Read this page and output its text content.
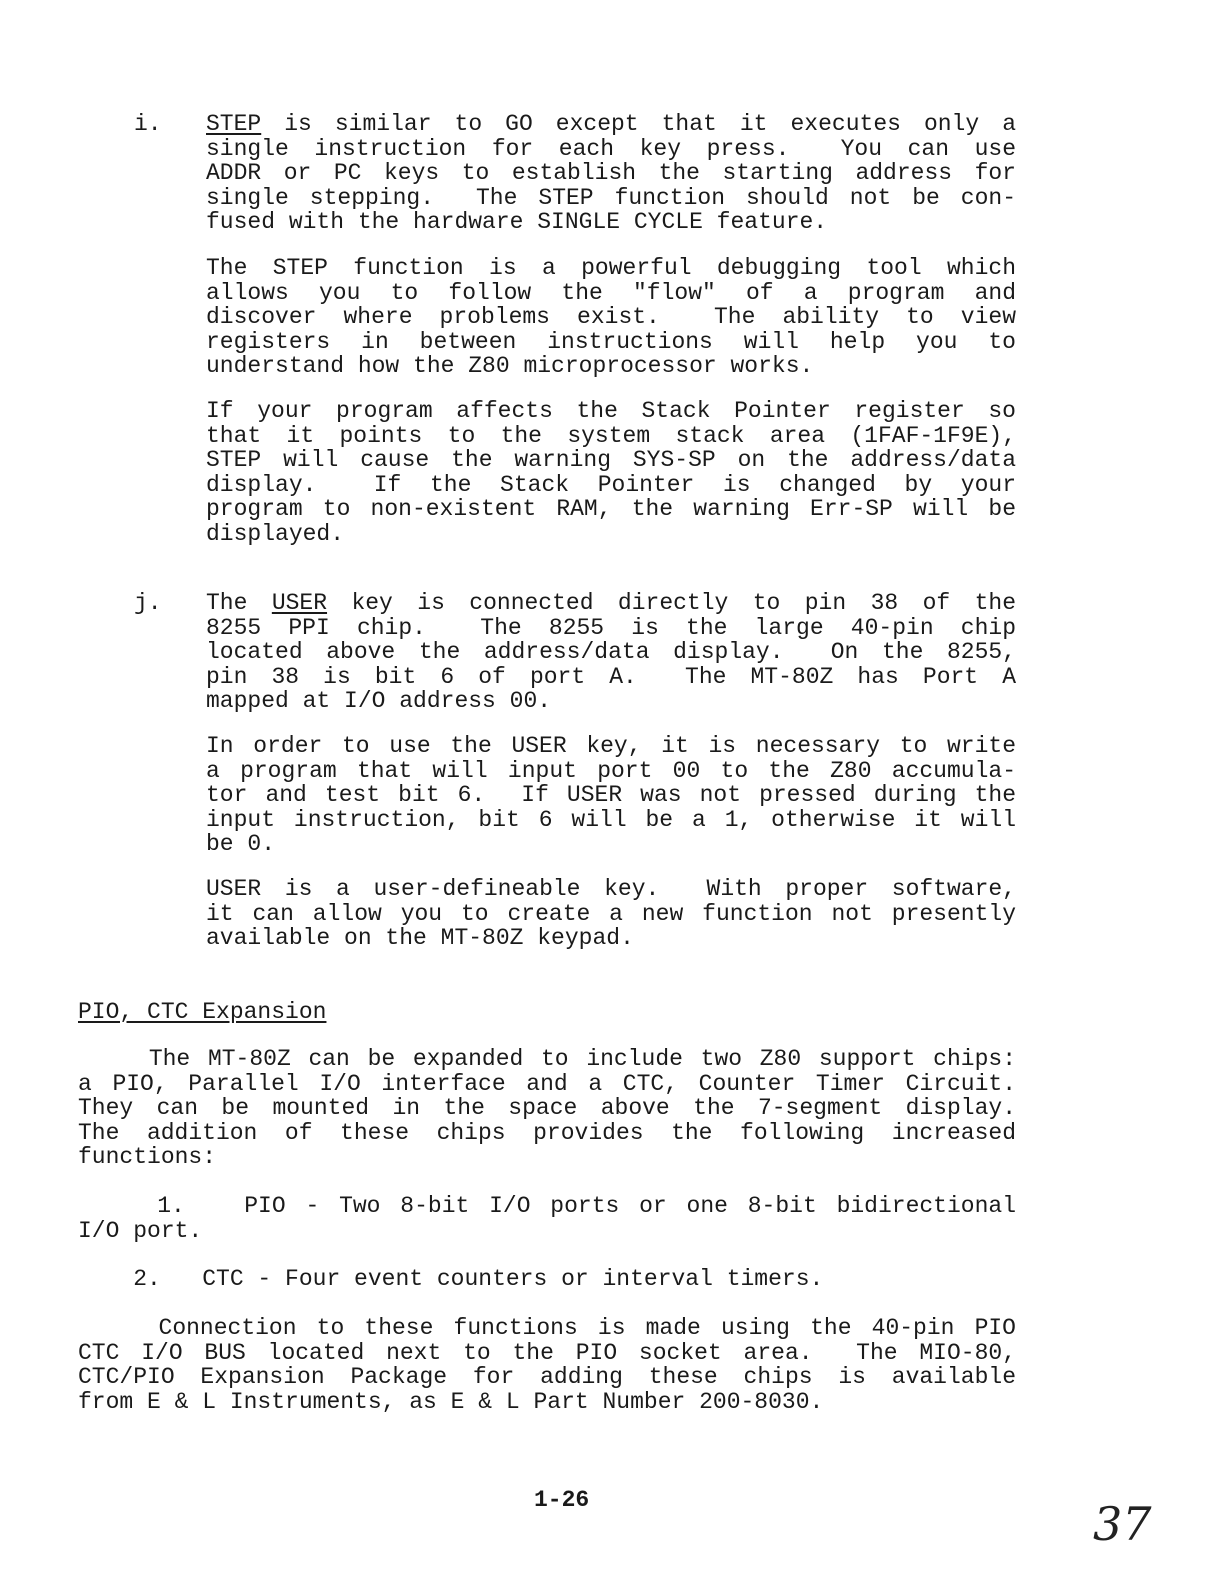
i. STEP is similar to GO except that it executes only a
single instruction for each key press.  You can use
ADDR or PC keys to establish the starting address for
single stepping.  The STEP function should not be con-
fused with the hardware SINGLE CYCLE feature.
The STEP function is a powerful debugging tool which
allows you to follow the "flow" of a program and
discover where problems exist.  The ability to view
registers in between instructions will help you to
understand how the Z80 microprocessor works.
If your program affects the Stack Pointer register so
that it points to the system stack area (1FAF-1F9E),
STEP will cause the warning SYS-SP on the address/data
display.  If the Stack Pointer is changed by your
program to non-existent RAM, the warning Err-SP will be
displayed.
j. The USER key is connected directly to pin 38 of the
8255 PPI chip.  The 8255 is the large 40-pin chip
located above the address/data display.  On the 8255,
pin 38 is bit 6 of port A.  The MT-80Z has Port A
mapped at I/O address 00.
In order to use the USER key, it is necessary to write
a program that will input port 00 to the Z80 accumula-
tor and test bit 6.  If USER was not pressed during the
input instruction, bit 6 will be a 1, otherwise it will
be 0.
USER is a user-defineable key.  With proper software,
it can allow you to create a new function not presently
available on the MT-80Z keypad.
PIO, CTC Expansion
The MT-80Z can be expanded to include two Z80 support chips:
a PIO, Parallel I/O interface and a CTC, Counter Timer Circuit.
They can be mounted in the space above the 7-segment display.
The addition of these chips provides the following increased
functions:
1.   PIO - Two 8-bit I/O ports or one 8-bit bidirectional
I/O port.
2.   CTC - Four event counters or interval timers.
Connection to these functions is made using the 40-pin PIO
CTC I/O BUS located next to the PIO socket area.  The MIO-80,
CTC/PIO Expansion Package for adding these chips is available
from E & L Instruments, as E & L Part Number 200-8030.
1-26	37
